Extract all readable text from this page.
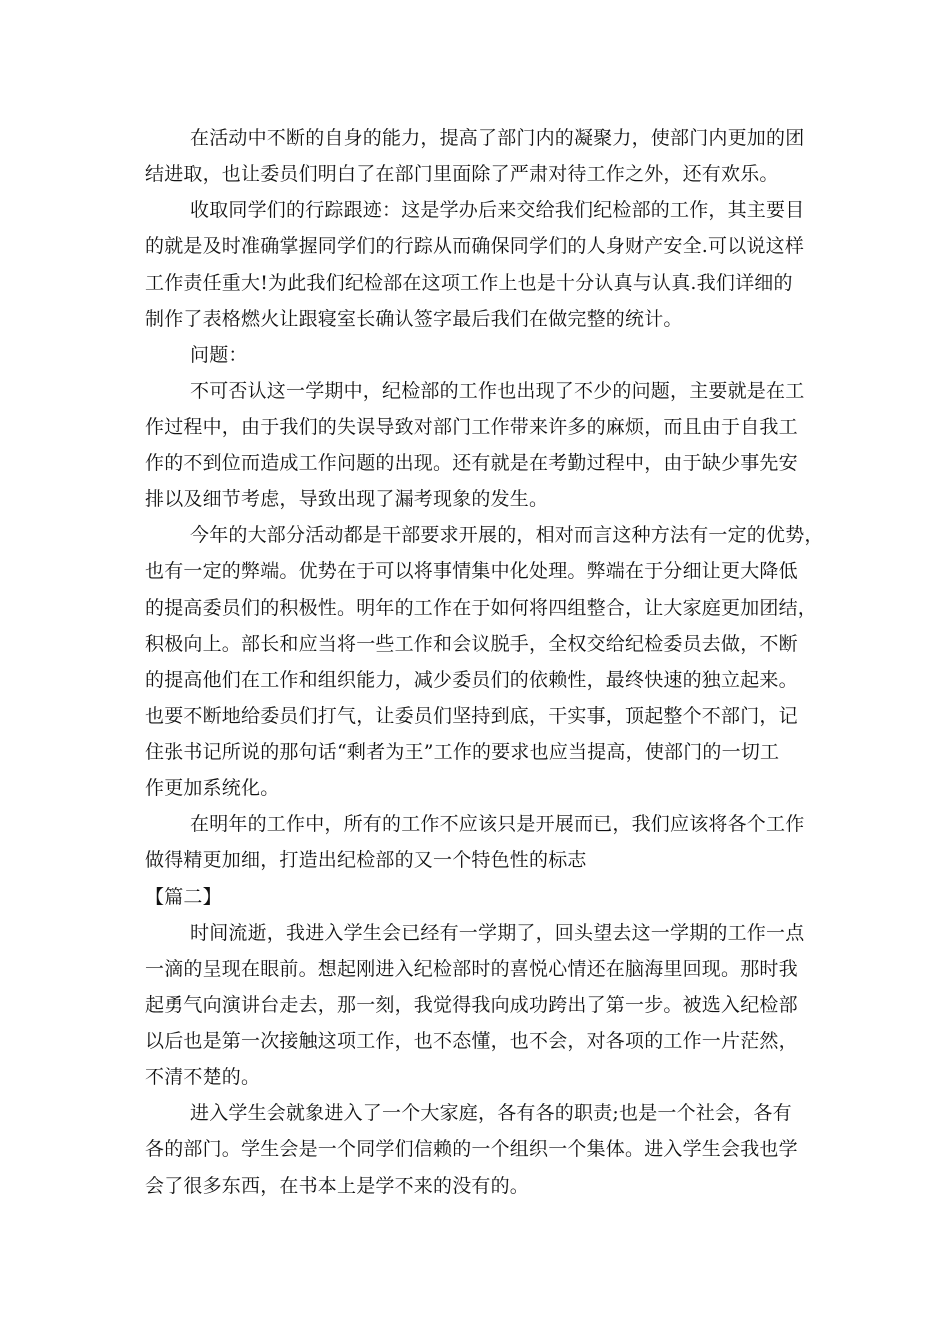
在活动中不断的自身的能力，提高了部门内的凝聚力，使部门内更加的团
结进取，也让委员们明白了在部门里面除了严肃对待工作之外，还有欢乐。
收取同学们的行踪跟迹：这是学办后来交给我们纪检部的工作，其主要目
的就是及时准确掌握同学们的行踪从而确保同学们的人身财产安全.可以说这样
工作责任重大!为此我们纪检部在这项工作上也是十分认真与认真.我们详细的
制作了表格燃火让跟寝室长确认签字最后我们在做完整的统计。
问题：
不可否认这一学期中，纪检部的工作也出现了不少的问题，主要就是在工
作过程中，由于我们的失误导致对部门工作带来许多的麻烦，而且由于自我工
作的不到位而造成工作问题的出现。还有就是在考勤过程中，由于缺少事先安
排以及细节考虑，导致出现了漏考现象的发生。
今年的大部分活动都是干部要求开展的，相对而言这种方法有一定的优势，
也有一定的弊端。优势在于可以将事情集中化处理。弊端在于分细让更大降低
的提高委员们的积极性。明年的工作在于如何将四组整合，让大家庭更加团结，
积极向上。部长和应当将一些工作和会议脱手，全权交给纪检委员去做，不断
的提高他们在工作和组织能力，减少委员们的依赖性，最终快速的独立起来。
也要不断地给委员们打气，让委员们坚持到底，干实事，顶起整个不部门，记
住张书记所说的那句话“剩者为王”工作的要求也应当提高，使部门的一切工
作更加系统化。
在明年的工作中，所有的工作不应该只是开展而已，我们应该将各个工作
做得精更加细，打造出纪检部的又一个特色性的标志
【篇二】
时间流逝，我进入学生会已经有一学期了，回头望去这一学期的工作一点
一滴的呈现在眼前。想起刚进入纪检部时的喜悦心情还在脑海里回现。那时我
起勇气向演讲台走去，那一刻，我觉得我向成功跨出了第一步。被选入纪检部
以后也是第一次接触这项工作，也不态懂，也不会，对各项的工作一片茫然，
不清不楚的。
进入学生会就象进入了一个大家庭，各有各的职责;也是一个社会，各有
各的部门。学生会是一个同学们信赖的一个组织一个集体。进入学生会我也学
会了很多东西，在书本上是学不来的没有的。
